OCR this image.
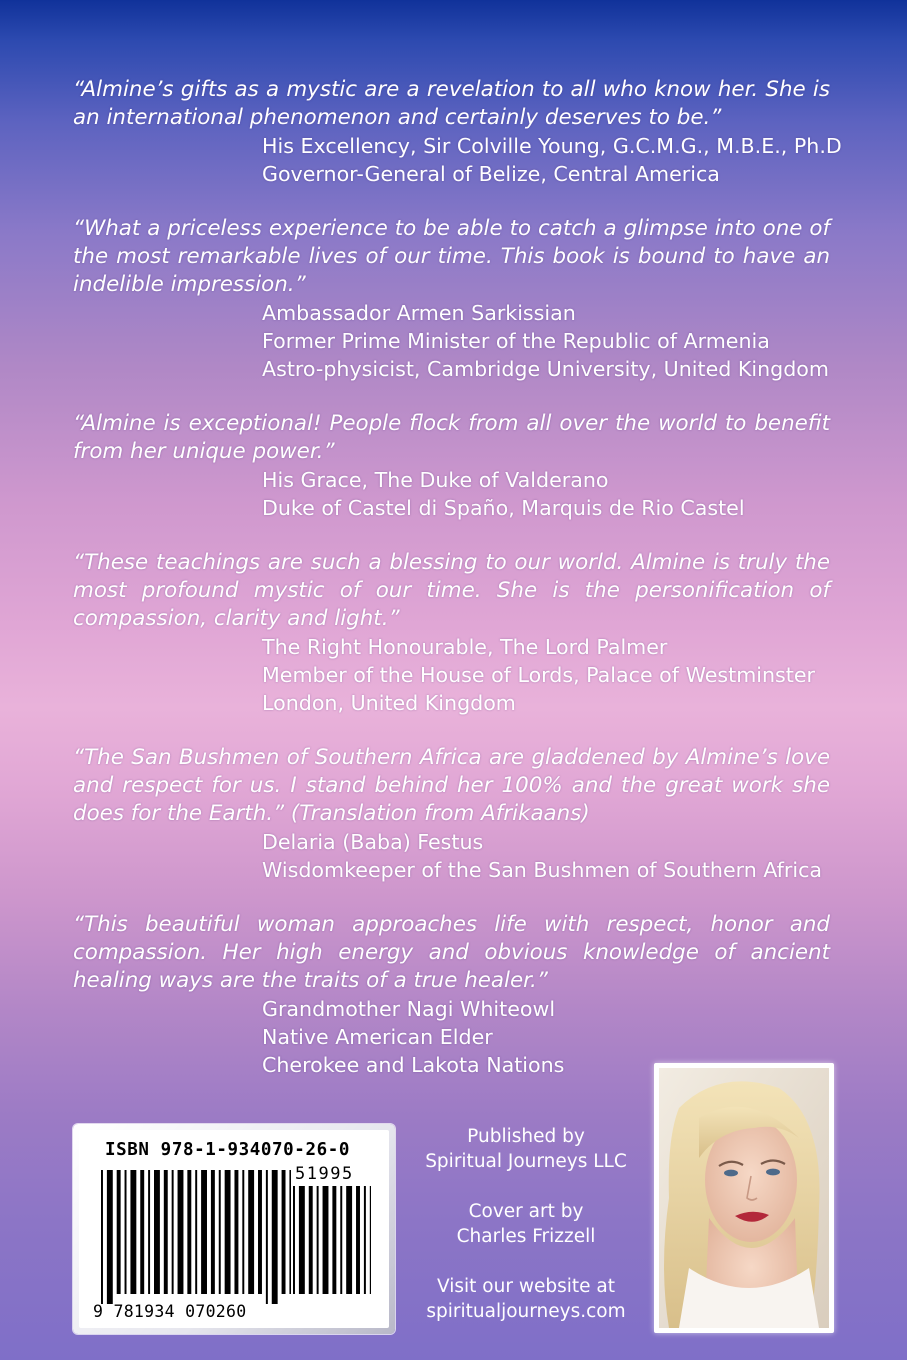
“Almine’s gifts as a mystic are a revelation to all who know her. She is an international phenomenon and certainly deserves to be.”

His Excellency, Sir Colville Young, G.C.M.G., M.B.E., Ph.D
Governor-General of Belize, Central America

“What a priceless experience to be able to catch a glimpse into one of the most remarkable lives of our time. This book is bound to have an indelible impression.”

Ambassador Armen Sarkissian
Former Prime Minister of the Republic of Armenia
Astro-physicist, Cambridge University, United Kingdom

“Almine is exceptional! People flock from all over the world to benefit from her unique power.”

His Grace, The Duke of Valderano
Duke of Castel di Spaño, Marquis de Rio Castel

“These teachings are such a blessing to our world. Almine is truly the most profound mystic of our time. She is the personification of compassion, clarity and light.”

The Right Honourable, The Lord Palmer
Member of the House of Lords, Palace of Westminster
London, United Kingdom

“The San Bushmen of Southern Africa are gladdened by Almine’s love and respect for us. I stand behind her 100% and the great work she does for the Earth.” (Translation from Afrikaans)

Delaria (Baba) Festus
Wisdomkeeper of the San Bushmen of Southern Africa

“This beautiful woman approaches life with respect, honor and compassion. Her high energy and obvious knowledge of ancient healing ways are the traits of a true healer.”

Grandmother Nagi Whiteowl
Native American Elder
Cherokee and Lakota Nations
ISBN 978-1-934070-26-0
51995
9 781934 070260

Published by

Spiritual Journeys LLC

Cover art by

Charles Frizzell

Visit our website at

spiritualjourneys.com
